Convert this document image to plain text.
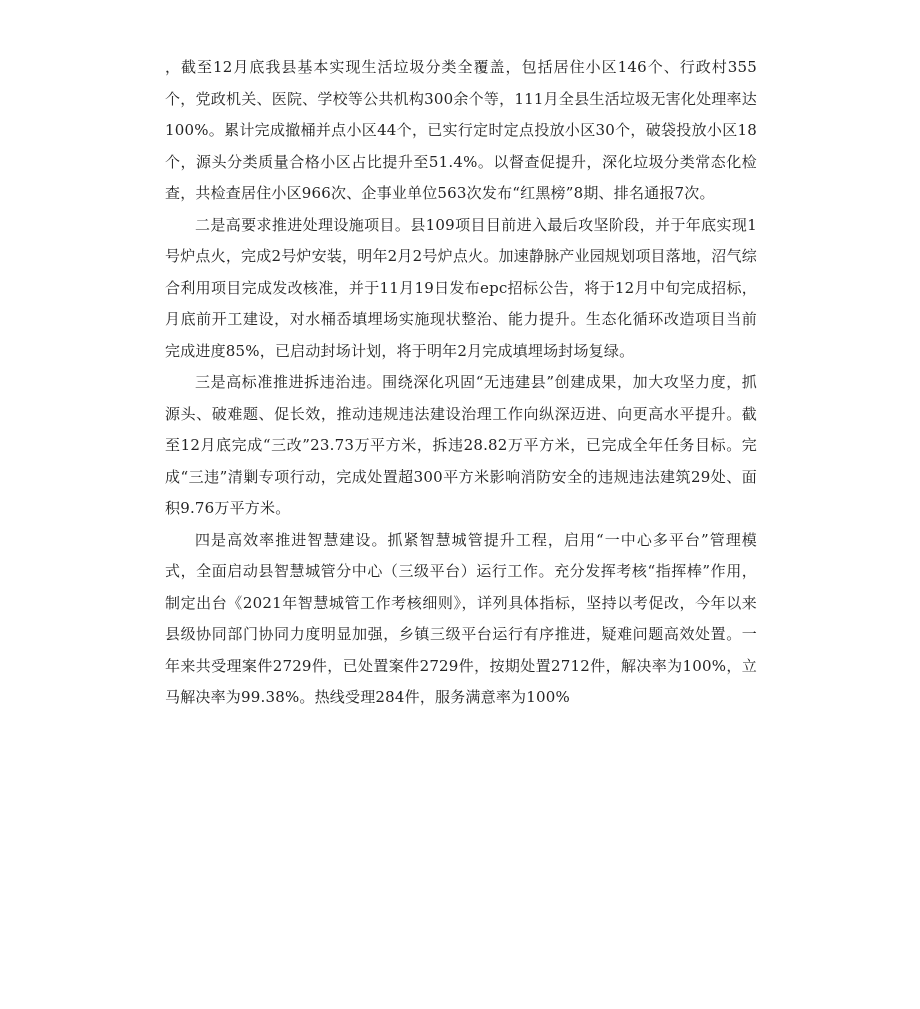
，截至12月底我县基本实现生活垃圾分类全覆盖，包括居住小区146个、行政村355个，党政机关、医院、学校等公共机构300余个等，111月全县生活垃圾无害化处理率达100%。累计完成撤桶并点小区44个，已实行定时定点投放小区30个，破袋投放小区18个，源头分类质量合格小区占比提升至51.4%。以督查促提升，深化垃圾分类常态化检查，共检查居住小区966次、企事业单位563次发布“红黑榜”8期、排名通报7次。

二是高要求推进处理设施项目。县109项目目前进入最后攻坚阶段，并于年底实现1号炉点火，完成2号炉安装，明年2月2号炉点火。加速静脉产业园规划项目落地，沼气综合利用项目完成发改核准，并于11月19日发布epc招标公告，将于12月中旬完成招标，月底前开工建设，对水桶岙填埋场实施现状整治、能力提升。生态化循环改造项目当前完成进度85%，已启动封场计划，将于明年2月完成填埋场封场复绿。

三是高标准推进拆违治违。围绕深化巩固“无违建县”创建成果，加大攻坚力度，抓源头、破难题、促长效，推动违规违法建设治理工作向纵深迈进、向更高水平提升。截至12月底完成“三改”23.73万平方米，拆违28.82万平方米，已完成全年任务目标。完成“三违”清剿专项行动，完成处置超300平方米影响消防安全的违规违法建筑29处、面积9.76万平方米。

四是高效率推进智慧建设。抓紧智慧城管提升工程，启用“一中心多平台”管理模式，全面启动县智慧城管分中心（三级平台）运行工作。充分发挥考核“指挥棒”作用，制定出台《2021年智慧城管工作考核细则》，详列具体指标，坚持以考促改，今年以来县级协同部门协同力度明显加强，乡镇三级平台运行有序推进，疑难问题高效处置。一年来共受理案件2729件，已处置案件2729件，按期处置2712件，解决率为100%，立马解决率为99.38%。热线受理284件，服务满意率为100%
